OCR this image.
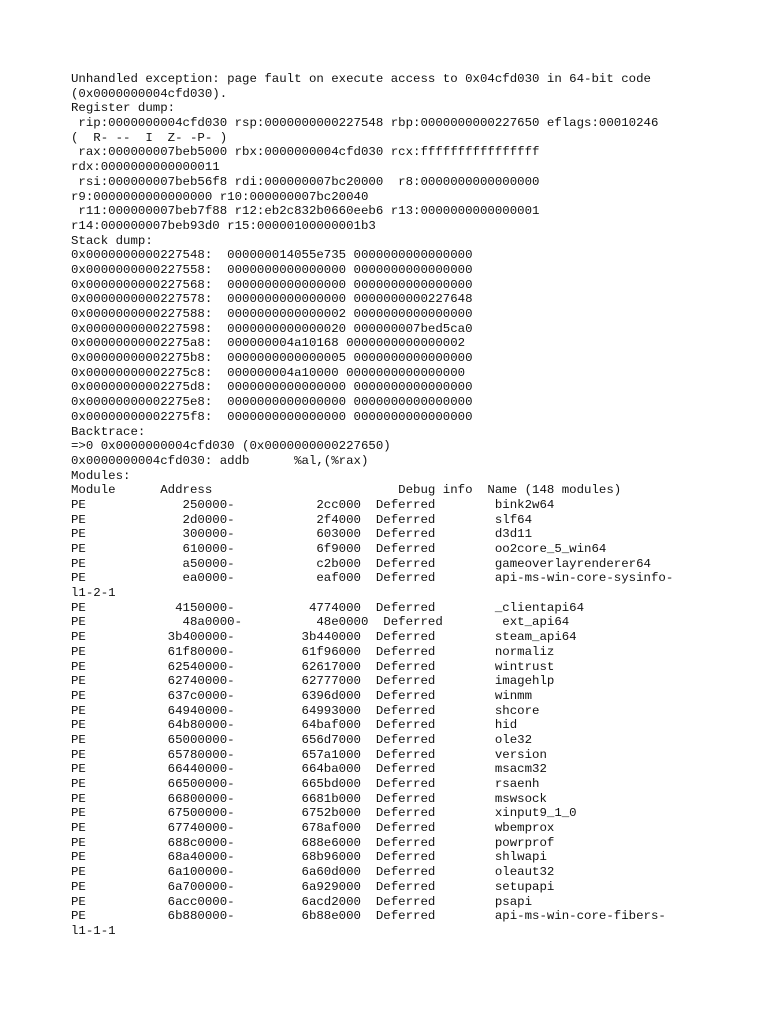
Unhandled exception: page fault on execute access to 0x04cfd030 in 64-bit code
(0x0000000004cfd030).
Register dump:
rip:0000000004cfd030 rsp:0000000000227548 rbp:0000000000227650 eflags:00010246
(  R- --  I  Z- -P- )
rax:000000007beb5000 rbx:0000000004cfd030 rcx:ffffffffffffffff
rdx:0000000000000011
rsi:000000007beb56f8 rdi:000000007bc20000  r8:0000000000000000
r9:0000000000000000 r10:000000007bc20040
r11:000000007beb7f88 r12:eb2c832b0660eeb6 r13:0000000000000001
r14:000000007beb93d0 r15:00000100000001b3
Stack dump:
0x0000000000227548:  000000014055e735 0000000000000000
0x0000000000227558:  0000000000000000 0000000000000000
0x0000000000227568:  0000000000000000 0000000000000000
0x0000000000227578:  0000000000000000 0000000000227648
0x0000000000227588:  0000000000000002 0000000000000000
0x0000000000227598:  0000000000000020 000000007bed5ca0
0x00000000002275a8:  000000004a10168 0000000000000002
0x00000000002275b8:  0000000000000005 0000000000000000
0x00000000002275c8:  000000004a10000 0000000000000000
0x00000000002275d8:  0000000000000000 0000000000000000
0x00000000002275e8:  0000000000000000 0000000000000000
0x00000000002275f8:  0000000000000000 0000000000000000
Backtrace:
=>0 0x0000000004cfd030 (0x0000000000227650)
0x0000000004cfd030: addb      %al,(%rax)
Modules:
Module      Address                         Debug info  Name (148 modules)
PE             250000-           2cc000  Deferred        bink2w64
PE             2d0000-           2f4000  Deferred        slf64
PE             300000-           603000  Deferred        d3d11
PE             610000-           6f9000  Deferred        oo2core_5_win64
PE             a50000-           c2b000  Deferred        gameoverlayrenderer64
PE             ea0000-           eaf000  Deferred        api-ms-win-core-sysinfo-
l1-2-1
PE            4150000-          4774000  Deferred        _clientapi64
PE             48a0000-          48e0000  Deferred        ext_api64
PE           3b400000-         3b440000  Deferred        steam_api64
PE           61f80000-         61f96000  Deferred        normaliz
PE           62540000-         62617000  Deferred        wintrust
PE           62740000-         62777000  Deferred        imagehlp
PE           637c0000-         6396d000  Deferred        winmm
PE           64940000-         64993000  Deferred        shcore
PE           64b80000-         64baf000  Deferred        hid
PE           65000000-         656d7000  Deferred        ole32
PE           65780000-         657a1000  Deferred        version
PE           66440000-         664ba000  Deferred        msacm32
PE           66500000-         665bd000  Deferred        rsaenh
PE           66800000-         6681b000  Deferred        mswsock
PE           67500000-         6752b000  Deferred        xinput9_1_0
PE           67740000-         678af000  Deferred        wbemprox
PE           688c0000-         688e6000  Deferred        powrprof
PE           68a40000-         68b96000  Deferred        shlwapi
PE           6a100000-         6a60d000  Deferred        oleaut32
PE           6a700000-         6a929000  Deferred        setupapi
PE           6acc0000-         6acd2000  Deferred        psapi
PE           6b880000-         6b88e000  Deferred        api-ms-win-core-fibers-
l1-1-1
